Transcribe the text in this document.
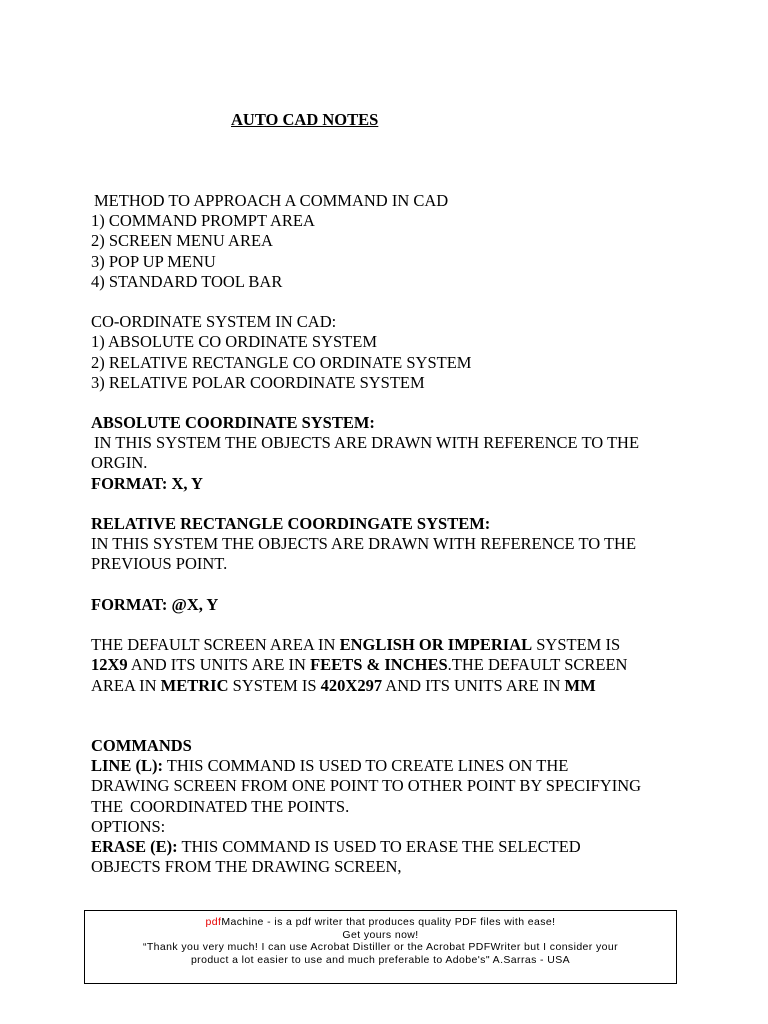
AUTO CAD NOTES
METHOD TO APPROACH A COMMAND IN CAD
1) COMMAND PROMPT AREA
2) SCREEN MENU AREA
3) POP UP MENU
4) STANDARD TOOL BAR
CO-ORDINATE SYSTEM IN CAD:
1) ABSOLUTE CO ORDINATE SYSTEM
2) RELATIVE RECTANGLE CO ORDINATE SYSTEM
3) RELATIVE POLAR COORDINATE SYSTEM
ABSOLUTE COORDINATE SYSTEM:
IN THIS SYSTEM THE OBJECTS ARE DRAWN WITH REFERENCE TO THE
ORGIN.
FORMAT: X, Y
RELATIVE RECTANGLE COORDINGATE SYSTEM:
IN THIS SYSTEM THE OBJECTS ARE DRAWN WITH REFERENCE TO THE
PREVIOUS POINT.
FORMAT: @X, Y
THE DEFAULT SCREEN AREA IN ENGLISH OR IMPERIAL SYSTEM IS
12X9 AND ITS UNITS ARE IN FEETS & INCHES.THE DEFAULT SCREEN
AREA IN METRIC SYSTEM IS 420X297 AND ITS UNITS ARE IN MM
COMMANDS
LINE (L): THIS COMMAND IS USED TO CREATE LINES ON THE
DRAWING SCREEN FROM ONE POINT TO OTHER POINT BY SPECIFYING
THE COORDINATED THE POINTS.
OPTIONS:
ERASE (E): THIS COMMAND IS USED TO ERASE THE SELECTED
OBJECTS FROM THE DRAWING SCREEN,
pdfMachine - is a pdf writer that produces quality PDF files with ease!
Get yours now!
“Thank you very much! I can use Acrobat Distiller or the Acrobat PDFWriter but I consider your
product a lot easier to use and much preferable to Adobe's" A.Sarras - USA
